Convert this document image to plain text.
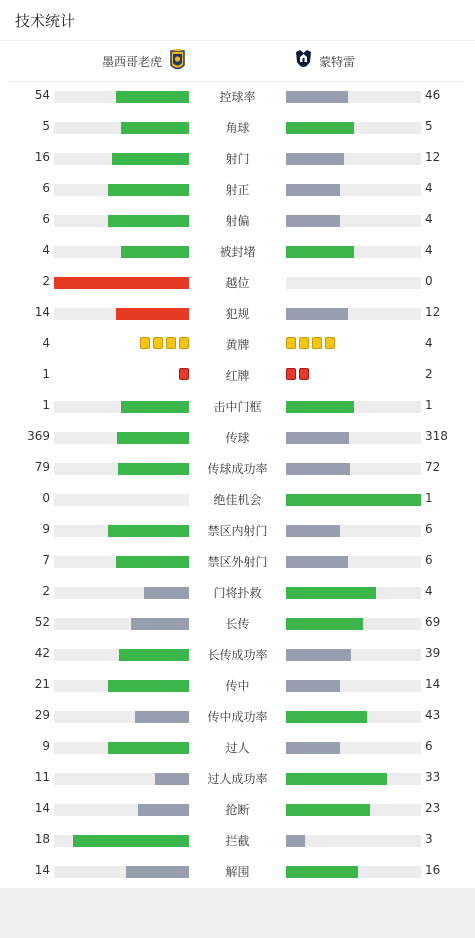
技术统计
墨西哥老虎	蒙特雷
54	控球率	46
5	角球	5
16	射门	12
6	射正	4
6	射偏	4
4	被封堵	4
2	越位	0
14	犯规	12
4	黄牌	4
1	红牌	2
1	击中门框	1
369	传球	318
79	传球成功率	72
0	绝佳机会	1
9	禁区内射门	6
7	禁区外射门	6
2	门将扑救	4
52	长传	69
42	长传成功率	39
21	传中	14
29	传中成功率	43
9	过人	6
11	过人成功率	33
14	抢断	23
18	拦截	3
14	解围	16
